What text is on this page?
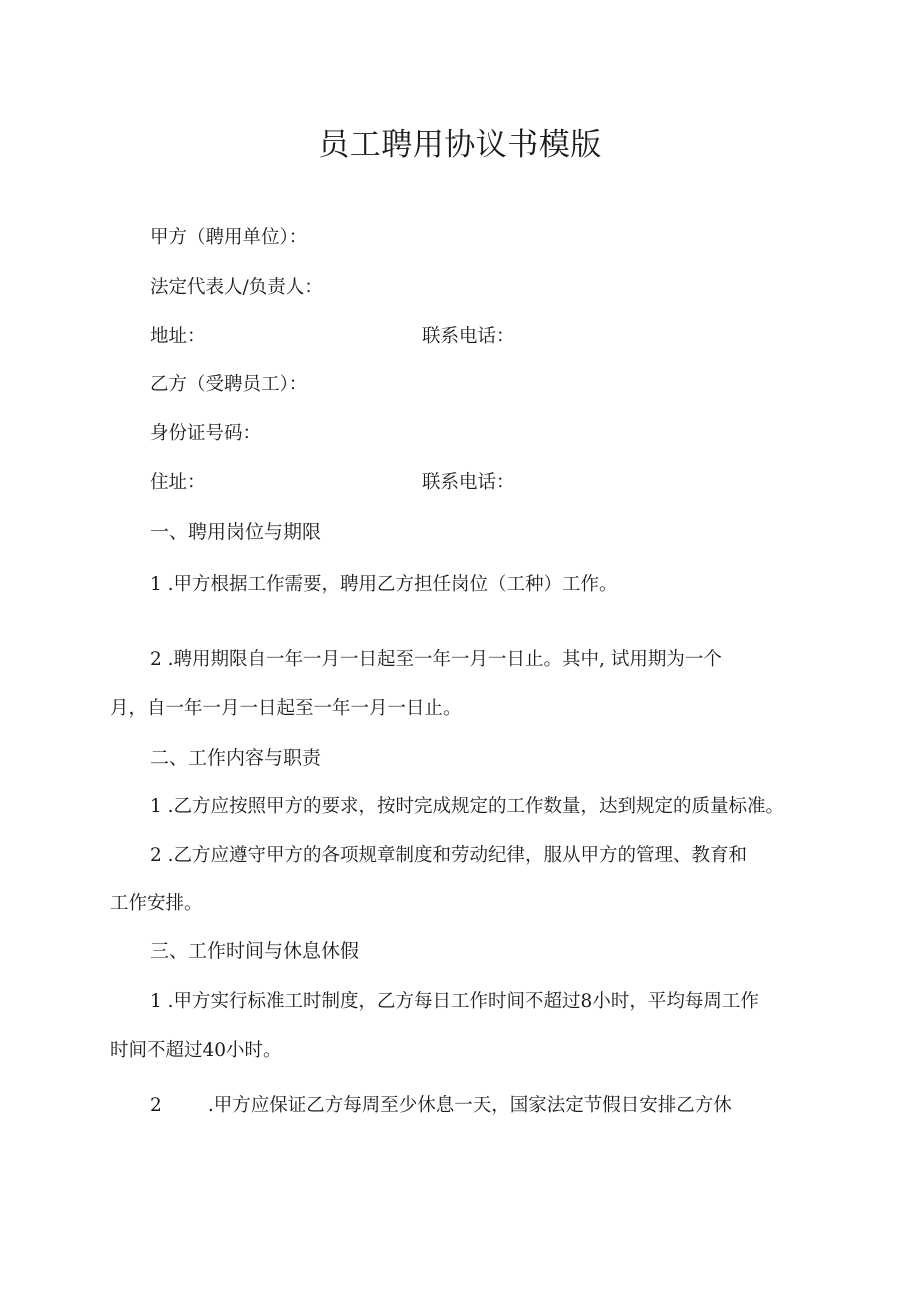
员工聘用协议书模版
甲方（聘用单位）：
法定代表人/负责人：
地址：	联系电话：
乙方（受聘员工）：
身份证号码：
住址：	联系电话：
一、聘用岗位与期限
1 .甲方根据工作需要，聘用乙方担任岗位（工种）工作。
2 .聘用期限自一年一月一日起至一年一月一日止。其中, 试用期为一个
月，自一年一月一日起至一年一月一日止。
二、工作内容与职责
1 .乙方应按照甲方的要求，按时完成规定的工作数量，达到规定的质量标准。
2 .乙方应遵守甲方的各项规章制度和劳动纪律，服从甲方的管理、教育和
工作安排。
三、工作时间与休息休假
1 .甲方实行标准工时制度，乙方每日工作时间不超过8小时，平均每周工作
时间不超过40小时。
2 .甲方应保证乙方每周至少休息一天，国家法定节假日安排乙方休
